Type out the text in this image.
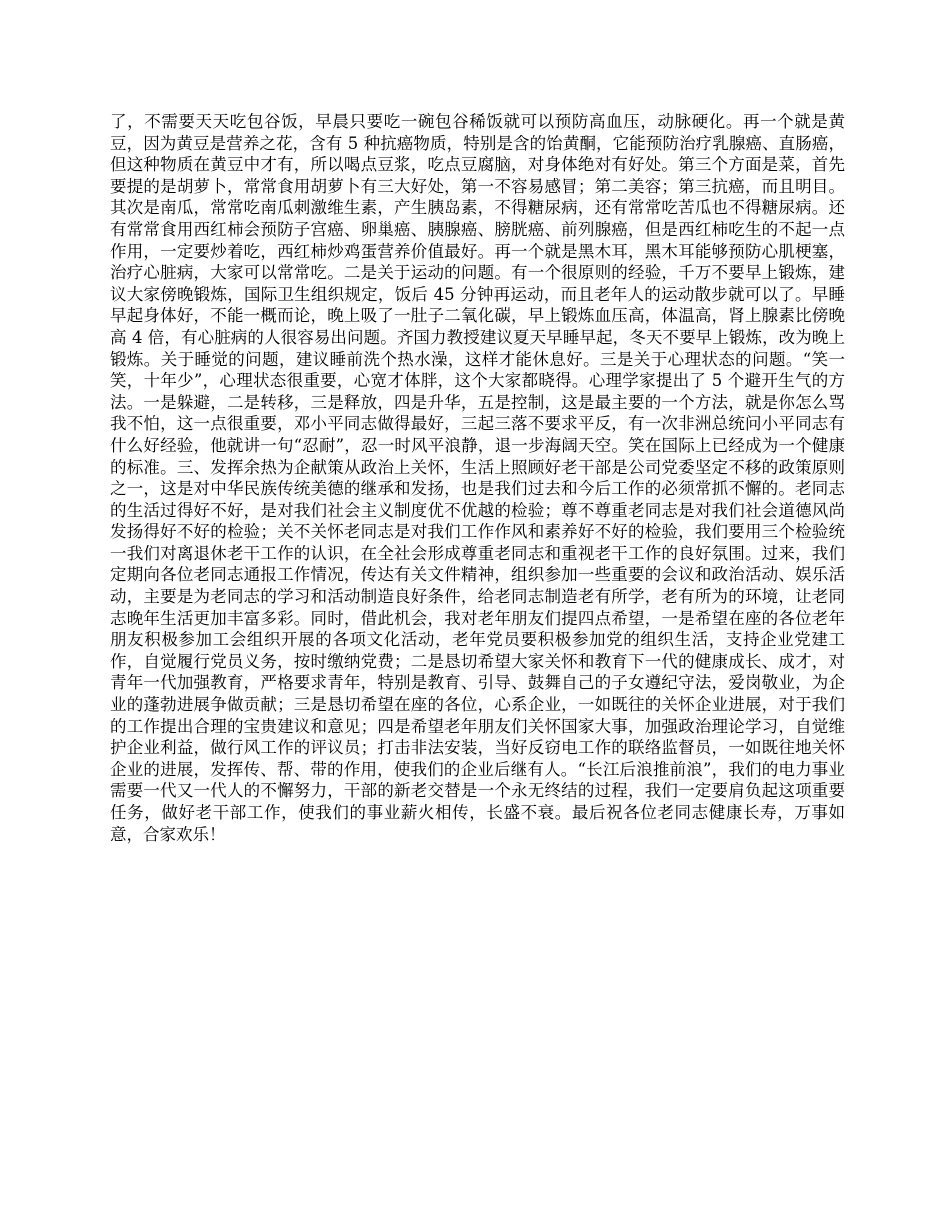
了，不需要天天吃包谷饭，早晨只要吃一碗包谷稀饭就可以预防高血压，动脉硬化。再一个就是黄豆，因为黄豆是营养之花，含有 5 种抗癌物质，特别是含的饴黄酮，它能预防治疗乳腺癌、直肠癌，但这种物质在黄豆中才有，所以喝点豆浆，吃点豆腐脑，对身体绝对有好处。第三个方面是菜，首先要提的是胡萝卜，常常食用胡萝卜有三大好处，第一不容易感冒；第二美容；第三抗癌，而且明目。其次是南瓜，常常吃南瓜刺激维生素，产生胰岛素，不得糖尿病，还有常常吃苦瓜也不得糖尿病。还有常常食用西红柿会预防子宫癌、卵巢癌、胰腺癌、膀胱癌、前列腺癌，但是西红柿吃生的不起一点作用，一定要炒着吃，西红柿炒鸡蛋营养价值最好。再一个就是黑木耳，黑木耳能够预防心肌梗塞，治疗心脏病，大家可以常常吃。二是关于运动的问题。有一个很原则的经验，千万不要早上锻炼，建议大家傍晚锻炼，国际卫生组织规定，饭后 45 分钟再运动，而且老年人的运动散步就可以了。早睡早起身体好，不能一概而论，晚上吸了一肚子二氧化碳，早上锻炼血压高，体温高，肾上腺素比傍晚高 4 倍，有心脏病的人很容易出问题。齐国力教授建议夏天早睡早起，冬天不要早上锻炼，改为晚上锻炼。关于睡觉的问题，建议睡前洗个热水澡，这样才能休息好。三是关于心理状态的问题。“笑一笑，十年少”，心理状态很重要，心宽才体胖，这个大家都晓得。心理学家提出了 5 个避开生气的方法。一是躲避，二是转移，三是释放，四是升华，五是控制，这是最主要的一个方法，就是你怎么骂我不怕，这一点很重要，邓小平同志做得最好，三起三落不要求平反，有一次非洲总统问小平同志有什么好经验，他就讲一句“忍耐”，忍一时风平浪静，退一步海阔天空。笑在国际上已经成为一个健康的标准。三、发挥余热为企献策从政治上关怀，生活上照顾好老干部是公司党委坚定不移的政策原则之一，这是对中华民族传统美德的继承和发扬，也是我们过去和今后工作的必须常抓不懈的。老同志的生活过得好不好，是对我们社会主义制度优不优越的检验；尊不尊重老同志是对我们社会道德风尚发扬得好不好的检验；关不关怀老同志是对我们工作作风和素养好不好的检验，我们要用三个检验统一我们对离退休老干工作的认识，在全社会形成尊重老同志和重视老干工作的良好氛围。过来，我们定期向各位老同志通报工作情况，传达有关文件精神，组织参加一些重要的会议和政治活动、娱乐活动，主要是为老同志的学习和活动制造良好条件，给老同志制造老有所学，老有所为的环境，让老同志晚年生活更加丰富多彩。同时，借此机会，我对老年朋友们提四点希望，一是希望在座的各位老年朋友积极参加工会组织开展的各项文化活动，老年党员要积极参加党的组织生活，支持企业党建工作，自觉履行党员义务，按时缴纳党费；二是恳切希望大家关怀和教育下一代的健康成长、成才，对青年一代加强教育，严格要求青年，特别是教育、引导、鼓舞自己的子女遵纪守法，爱岗敬业，为企业的蓬勃进展争做贡献；三是恳切希望在座的各位，心系企业，一如既往的关怀企业进展，对于我们的工作提出合理的宝贵建议和意见；四是希望老年朋友们关怀国家大事，加强政治理论学习，自觉维护企业利益，做行风工作的评议员；打击非法安装，当好反窃电工作的联络监督员，一如既往地关怀企业的进展，发挥传、帮、带的作用，使我们的企业后继有人。“长江后浪推前浪”，我们的电力事业需要一代又一代人的不懈努力，干部的新老交替是一个永无终结的过程，我们一定要肩负起这项重要任务，做好老干部工作，使我们的事业薪火相传，长盛不衰。最后祝各位老同志健康长寿，万事如意，合家欢乐！
